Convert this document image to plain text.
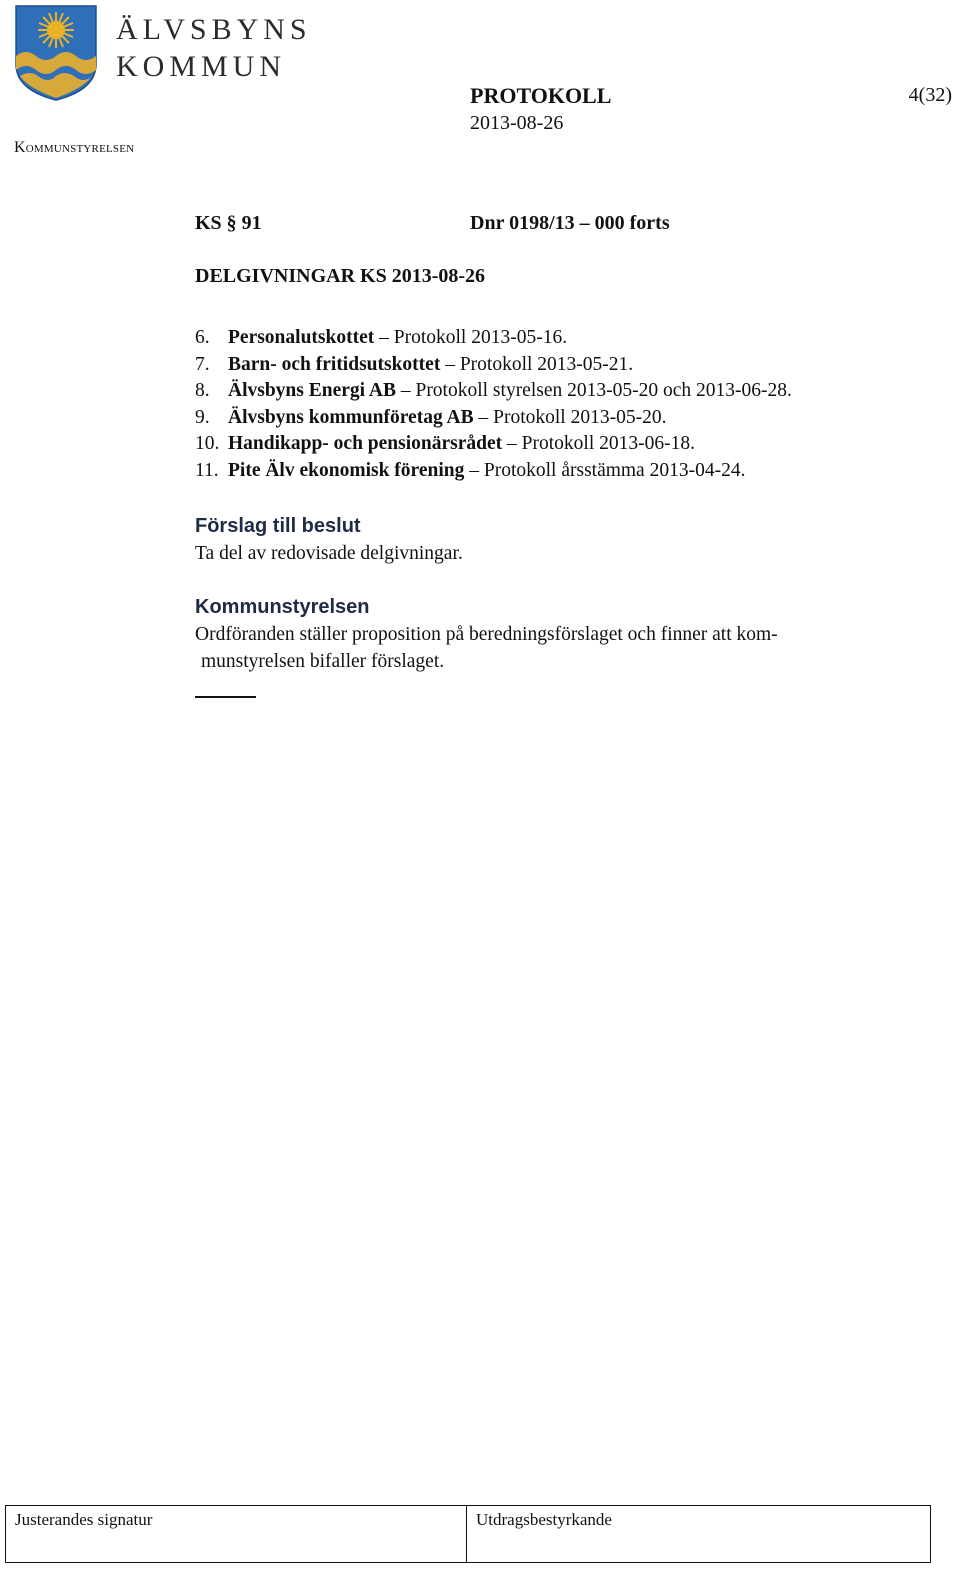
ÄLVSBYNS
KOMMUN
Kommunstyrelsen
PROTOKOLL
2013-08-26
4(32)
KS § 91	Dnr 0198/13 – 000 forts
DELGIVNINGAR KS 2013-08-26
6. Personalutskottet – Protokoll 2013-05-16.
7. Barn- och fritidsutskottet – Protokoll 2013-05-21.
8. Älvsbyns Energi AB – Protokoll styrelsen 2013-05-20 och 2013-06-28.
9. Älvsbyns kommunföretag AB – Protokoll 2013-05-20.
10. Handikapp- och pensionärsrådet – Protokoll 2013-06-18.
11. Pite Älv ekonomisk förening – Protokoll årsstämma 2013-04-24.
Förslag till beslut
Ta del av redovisade delgivningar.
Kommunstyrelsen
Ordföranden ställer proposition på beredningsförslaget och finner att kom-
munstyrelsen bifaller förslaget.
Justerandes signatur	Utdragsbestyrkande
